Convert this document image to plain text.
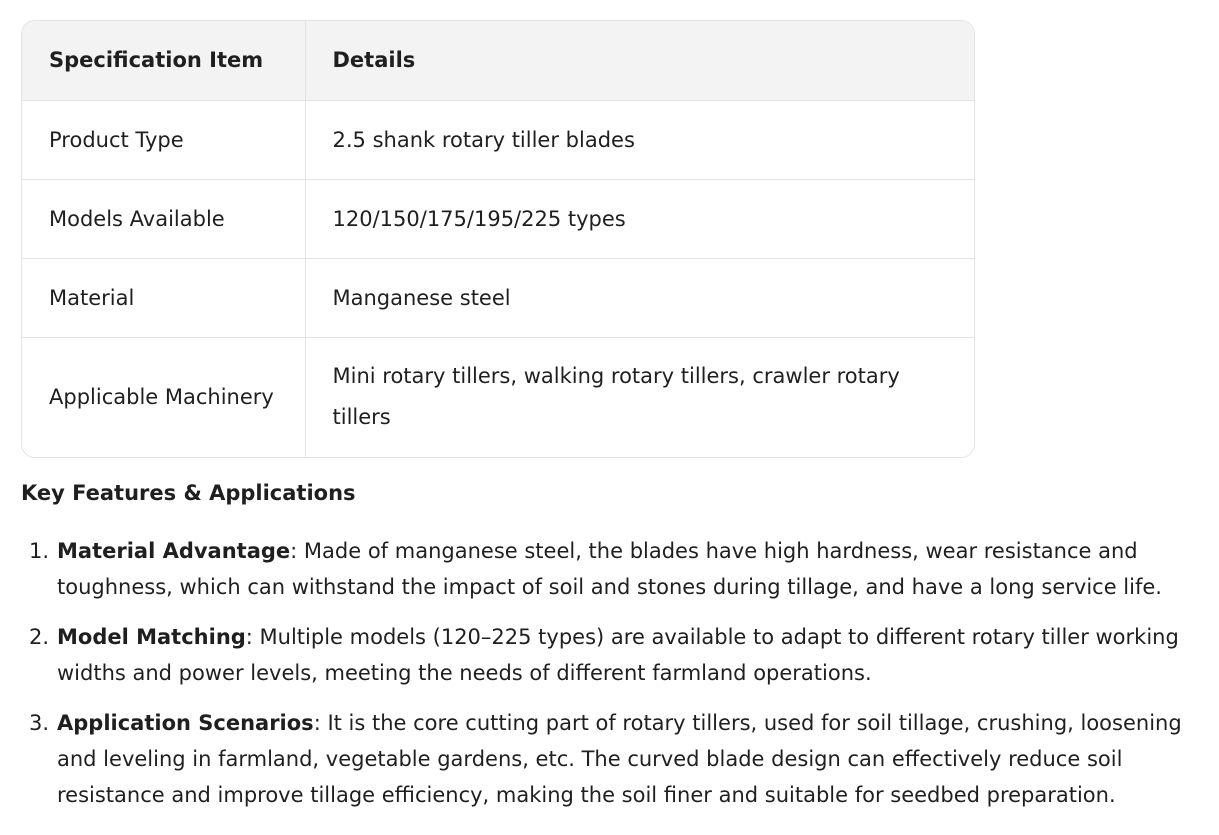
Specification Item	Details
Product Type	2.5 shank rotary tiller blades
Models Available	120/150/175/195/225 types
Material	Manganese steel
Applicable Machinery	Mini rotary tillers, walking rotary tillers, crawler rotary tillers
Key Features & Applications
1. Material Advantage: Made of manganese steel, the blades have high hardness, wear resistance and toughness, which can withstand the impact of soil and stones during tillage, and have a long service life.
2. Model Matching: Multiple models (120–225 types) are available to adapt to different rotary tiller working widths and power levels, meeting the needs of different farmland operations.
3. Application Scenarios: It is the core cutting part of rotary tillers, used for soil tillage, crushing, loosening and leveling in farmland, vegetable gardens, etc. The curved blade design can effectively reduce soil resistance and improve tillage efficiency, making the soil finer and suitable for seedbed preparation.
